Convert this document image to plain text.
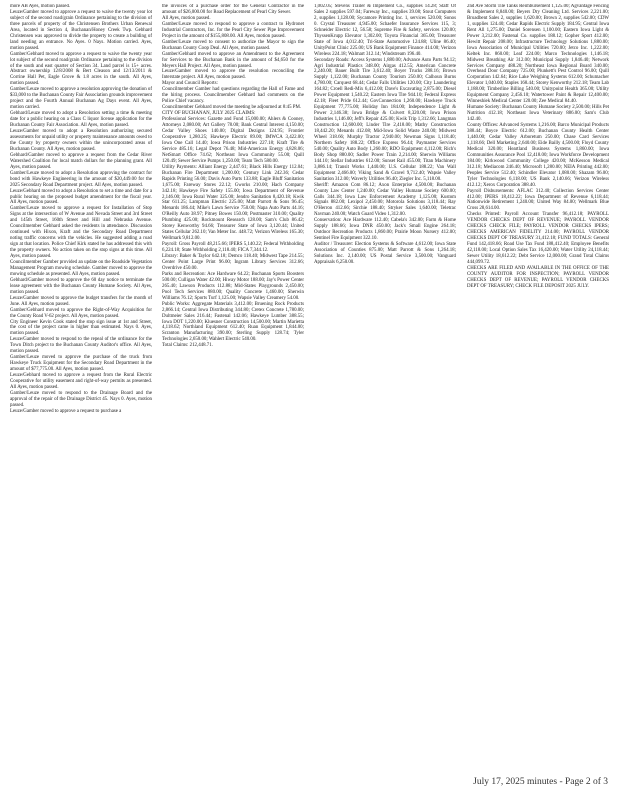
more AB Ayes, motion passed.

Leuze/Gamber moved to approve a request to waive the twenty year lot subject of the second road/grain Ordinance pertaining to the division of three parcels of property of the Christensen Brothers Urban Renewal Area, located in Section 4, Buchanan/Honey Creek Twp. Gebhard Christensen was approved to divide the property to create a building of land needing an entrance. No Ayes. 0 Nays. Motion carried. Ayes, motion passed.

Gamber/Gebhard moved to approve a request to waive the twenty year lot subject of the second road/grain Ordinance pertaining to the division of the south and east quarter of Section 34. Land parcel is 15+ acres. Abstract ownership 12/8/2008 & Bert Cleason and 12/13/2011 & Corrine Hall Pet, Eagle Grove & 1.8 acres in the south. All Ayes, motion passed.

Gamber/Leuze moved to approve a resolution approving the donation of $33,000 to the Buchanan County Fair Association grounds improvement project and the Fourth Annual Buchanan Ag Days event. All Ayes, motion carried.

Gebhard/Leuze moved to adopt a Resolution setting a time & meeting date for a public hearing on a Class C liquor license application for the Buchanan County Fair Association. All Ayes, motion passed.

Leuze/Gamber moved to adopt a Resolution authorizing secured assessments for unpaid utility or property maintenance amounts owed to the County by property owners within the unincorporated areas of Buchanan County. All Ayes, motion passed.

Gebhard/Gamber moved to approve a request from the Cedar River Watershed Coalition for local match dollars for the planning grant. All Ayes, motion passed.

Gamber/Leuze moved to adopt a Resolution approving the contract for bond with Hawkeye Engineering in the amount of $20,449.00 for the 2025 Secondary Road Department project. All Ayes, motion passed.

Leuze/Gebhard moved to adopt a Resolution to set a time and date for a public hearing on the proposed budget amendment for the fiscal year. All Ayes, motion passed.

Gamber/Leuze moved to approve a request for Installation of Stop Signs at the intersection of W Avenue and Nevada Street and 3rd Street and 145th Street, 160th Street and Hill and Nebraska Avenue. Councilmember Gebhard asked the residents in attendance. Discussion continued with Hixon, Kraft and the Secondary Road Department noting traffic concerns with the vehicles. He suggested adding a road sign at that location. Police Chief Kirk stated he has addressed this with the property owners. No action taken on the stop signs at this time. All Ayes, motion passed.

Councilmember Gamber provided an update on the Roadside Vegetation Management Program mowing schedule. Gamber moved to approve the mowing schedule as presented. All Ayes, motion passed.

Gebhard/Gamber moved to approve the 60 day notice to terminate the lease agreement with the Buchanan County Humane Society. All Ayes, motion passed.

Leuze/Gamber moved to approve the budget transfers for the month of June. All Ayes, motion passed.

Gamber/Gebhard moved to approve the Right-of-Way Acquisition for the County Road V-62 project. All Ayes, motion passed.

City Engineer Kevin Cook stated the stop sign issue at 1st and Street, the cost of the project came in higher than estimated. Nays 0. Ayes, motion passed.

Leuze/Gamber moved to respond to the repeal of the ordinance for the Town Ditch project to the Buchanan County Auditor's office. All Ayes, motion passed.

Gamber/Leuze moved to approve the purchase of the truck from Hawkeye Truck Equipment for the Secondary Road Department in the amount of $77,775.00. All Ayes, motion passed.

Leuze/Gebhard moved to approve a request from the Rural Electric Cooperative for utility easement and right-of-way permits as presented. All Ayes, motion passed.

Gamber/Leuze moved to respond to the Drainage Board and the approval of the repair of the Drainage District 45. Nays 0. Ayes, motion passed.

Leuze/Gamber moved to approve a request to purchase a

the invoices of a purchase order for the General Contractor in the amount of $26,000.00 for Road Replacement of Pearl City Sewer.

All Ayes, motion passed.

Gamber/Leuze moved to respond to approve a contract to Hydronet Industrial Contractors, Inc. for the Pearl City Sewer Pipe Improvement Project in the amount of $155,808.00. All Ayes, motion passed.

Gamber/Leuze moved to consent to authorize the Mayor to sign the Buchanan County Coop Deal. All Ayes, motion passed.

Gamber/Gebhard moved to approve an Amendment to the Agreement for Services to the Buchanan Bank in the amount of $4,650 for the Meyers Hall Project. All Ayes, motion passed.

Leuze/Gamber moved to approve the resolution reconciling the Interstate project. All Ayes, motion passed.

Mayor and Council Reports:

Councilmember Gamber had questions regarding the Hall of Fame and the hiring process. Councilmember Gebhard had comments on the Police Chief vacancy.

Councilmember Gebhard moved the meeting be adjourned at 8:45 PM.

CITY OF BUCHANAN, JULY 2025 CLAIMS:

Professional Services: Gazette and Fund 15,000.00; Ahlers & Cooney, Attorneys 2,080.00; Art Gallery 78.00; Bank Central Interest 4,150.00; Cedar Valley Shoes 140.00; Digital Dezigns 124.95; Frontier Cooperative 1,280.25; Hawkeye Electric 89.00; IMWCA 3,422.00; Iowa One Call 14.40; Iowa Prison Industries 227.18; Kraft Tire & Service 485.16; Legal Depot 76.48; Mid-American Energy 4,828.06; NetSmart Office 74.62; Northeast Iowa Community 55.00; Quill 120.49; Sewer Service Pumps 1,250.00; Team Tech 580.00.

Utility Payments: Alliant Energy 2,447.61; Black Hills Energy 112.04; Buchanan Fire Department 1,200.00; Century Link 242.36; Cedar Rapids Printing 56.00; Davis Auto Parts 133.88; Eagle Bluff Sanitation 1,675.00; Fareway Stores 22.12; Gworks 210.00; Hach Company 342.18; Hawkeye Fire Safety 155.00; Iowa Department of Revenue 2,146.00; Iowa Rural Water 325.00; Jendro Sanitation 8,420.18; Kwik Star 611.25; Lampman Electric 225.00; Matt Parrott & Sons 96.45; Menards 186.44; Mike's Lawn Service 750.00; Napa Auto Parts 44.16; O'Reilly Auto 38.97; Pitney Bowes 150.00; Postmaster 310.00; Quality Plumbing 425.00; Rockmount Research 128.00; Sam's Club 86.42; Storey Kenworthy 94.66; Treasurer State of Iowa 3,120.44; United States Cellular 262.10; Van Meter Inc. 448.72; Verizon Wireless 165.30; Wellmark 9,812.00.

Payroll: Gross Payroll 48,215.66; IPERS 5,140.22; Federal Withholding 6,224.18; State Withholding 2,118.40; FICA 7,344.12.

Library: Baker & Taylor 642.18; Demco 118.40; Midwest Tape 214.55; Center Point Large Print 96.00; Ingram Library Services 312.66; Overdrive 450.00.

Parks and Recreation: Ace Hardware 64.22; Buchanan Sports Boosters 500.00; Culligan Water 42.00; Hiway Motor 188.00; Jay's Power Center 265.40; Lawson Products 112.88; Mid-States Playgrounds 2,450.00; Pool Tech Services 880.00; Quality Concrete 1,460.00; Sherwin Williams 76.12; Sports Turf 1,125.00; Wapsie Valley Creamery 54.00.

Public Works: Aggregate Materials 3,412.00; Bruening Rock Products 2,866.14; Central Iowa Distributing 344.80; Cretex Concrete 1,780.00; Dultmeier Sales 216.44; Fastenal 142.06; Hawkeye Lumber 388.55; Iowa DOT 1,220.00; Kluesner Construction 14,500.00; Martin Marietta 4,118.62; Northland Equipment 612.40; Ruan Equipment 1,844.00; Scranton Manufacturing 390.00; Sterling Supply 128.74; Tyler Technologies 2,650.00; Wahlert Electric 540.00.

Total Claims: 212,448.71.

1,002.05; Stevens Trailer & Implement Co., supplies 14.28; Staff Of Sales 2 supplies 597.04; Fareway Inc., supplies 39.08; Stout Computers 2, supplies 1,128.00; Sycamore Printing Inc. 1, services 520.00; Sonos 0. Crystal Treasurer 4,945.00; Schaefer Insurance Services 115, 3; Schneider Electric 12, 56.58; Supreme Fire & Safety, services 120.00; ThyssenKrupp Elevator 1,302.00; Toyota Financial 365.00; Treasurer State of Iowa 4,012.40; Tri-State Automotive 124.88; Uline 86.40; UnityPoint Clinic 225.00; US Bank Equipment Finance 414.00; Verizon Wireless 224.18; Walmart 312.14; Windstream 196.40.

Secondary Roads: Access Systems 1,880.00; Advance Auto Parts 94.12; Agri Industrial Plastics 348.00; Airgas 412.55; American Concrete 2,240.00; Bauer Built Tire 3,612.40; Boyer Trucks 288.16; Brown Supply 1,122.00; Buchanan County Tourism 250.00; Calhoun Burns 4,780.00; Carquest 68.44; Cedar Falls Utilities 120.00; City Laundering 164.82; Croell Redi-Mix 6,412.00; Dave's Excavating 2,875.00; Diesel Power Equipment 1,540.22; Eastern Iowa Tire 944.10; Federal Express 42.18; Fleet Pride 612.44; GovConnection 1,260.00; Hawkeye Truck Equipment 77,775.00; Holiday Inn 184.00; Independence Light & Power 2,146.38; Iowa Bridge & Culvert 8,320.00; Iowa Prison Industries 1,146.00; Jeff's Repair 425.00; Kwik Trip 1,312.66; Langman Construction 12,600.00; Linder Tire 2,418.00; Mathy Construction 18,442.20; Menards 412.08; Mid-Iowa Solid Waste 240.00; Midwest Wheel 318.66; Murphy Tractor 2,940.00; Newman Signs 1,118.40; Northern Safety 188.22; Office Express 96.44; Paymaster Services 540.00; Quality Auto Body 1,260.00; RDO Equipment 4,112.00; Rich's Body Shop 880.00; Sadler Power Train 2,214.00; Sherwin Williams 144.10; Stellar Industries 612.00; Sunset Rail 455.00; Titan Machinery 3,886.14; Transit Works 1,440.00; U.S. Cellular 188.22; Van Wall Equipment 2,466.00; Viking Sand & Gravel 9,712.40; Wapsie Valley Sanitation 312.00; Waverly Utilities 96.40; Ziegler Inc. 5,118.00.

Sheriff: Amazon Com 86.12; Axon Enterprise 4,500.00; Buchanan County Law Center 1,240.00; Cedar Valley Humane Society 600.00; Galls 344.18; Iowa Law Enforcement Academy 1,125.00; Kustom Signals 882.00; Lexipol 2,450.00; Motorola Solutions 3,118.44; Ray O'Herron 412.66; Sirchie 188.40; Stryker Sales 1,640.00; Teletrac Navman 240.00; Watch Guard Video 1,312.00.

Conservation: Ace Hardware 112.40; Cabela's 342.00; Farm & Home Supply 188.66; Iowa DNR 450.00; Jack's Small Engine 264.18; Outdoor Recreation Products 1,860.00; Prairie Moon Nursery 412.00; Sentinel Fire Equipment 322.10.

Auditor / Treasurer: Election Systems & Software 4,612.00; Iowa State Association of Counties 875.00; Matt Parrott & Sons 1,264.18; Solutions Inc. 2,140.00; US Postal Service 3,500.00; Vanguard Appraisals 6,250.00.

2nd Ave Storm Tile Tanks Reimbursement 1,125.00; Agvantage Fencing & Implement 8,840.00; Beyers Dry Cleaning Ltd. Services 2,221.00; Broadbent Sales 2, supplies 1,620.00; Brown 2, supplies 542.00; CDW 1, supplies 124.40; Cedar Rapids Electric Supply 184.95; Central Iowa Rent All 1,275.00; Daniel Sorensen 1,100.00; Eastern Iowa Light & Power 3,212.00; Fastenal Co. supplies 188.12; Gopher Sport 412.00; Hewitt Repair 208.00; Infrastructure Technology Solutions 1,880.00; Iowa Association of Municipal Utilities 720.00; Jetco Inc. 1,222.00; Keltek Inc. 860.00; Leaf 224.00; Marco Technologies 1,146.18; Midwest Breathing Air 312.00; Municipal Supply 1,846.40; Network Services Company 488.20; Northeast Iowa Regional Board 340.00; Overhead Door Company 725.00; Plunkett's Pest Control 96.00; Quill Corporation 142.64; Rice Lake Weighing Systems 612.00; Schumacher Elevator 1,040.00; Staples 168.44; Storey Kenworthy 212.18; Team Lab 1,188.00; Timberline Billing 540.00; Unitypoint Health 365.00; Utility Equipment Company 2,456.10; Watertower Paint & Repair 12,400.00; Winneshiek Medical Center 120.00; Zee Medical 84.40.

Humane Society: Buchanan County Humane Society 2,500.00; Hills Pet Nutrition 412.18; Northeast Iowa Veterinary 886.00; Sam's Club 142.40.

County Offices: Advanced Systems 1,216.00; Barco Municipal Products 388.44; Boyce Electric 612.00; Buchanan County Health Center 1,440.00; Cedar Valley Arboretum 250.00; Chase Card Services 1,118.66; Dell Marketing 2,640.00; Eide Bailly 4,500.00; Floyd County Medical 320.00; Heartland Business Systems 1,860.00; Iowa Communities Assurance Pool 12,418.00; Iowa Workforce Development 184.00; Kirkwood Community College 420.00; McKesson Medical 312.18; Mediacom 246.40; Microsoft 1,280.00; NEIA Printing 442.00; Peoples Service 512.40; Schindler Elevator 1,080.00; Shazam 96.00; Tyler Technologies 6,118.00; US Bank 2,140.66; Verizon Wireless 412.12; Xerox Corporation 388.40.

Payroll Disbursements: AFLAC 312.40; Collection Services Center 412.00; IPERS 18,412.22; Iowa Department of Revenue 6,118.44; Nationwide Retirement 1,240.00; United Way 84.00; Wellmark Blue Cross 28,614.00.

Checks Printed: Payroll Account Transfer 96,412.18; PAYROLL VENDOR CHECKS DEPT OF REVENUE; PAYROLL VENDOR CHECKS CHECK FILE; PAYROLL VENDOR CHECKS IPERS; CHECKS AMERICAN FIDELITY 214.00; PAYROLL VENDOR CHECKS DEPT OF TREASURY 31,412.18; FUND TOTALS: General Fund 142,418.66; Road Use Tax Fund 188,412.40; Employee Benefits 42,118.00; Local Option Sales Tax 16,420.00; Water Utility 24,118.44; Sewer Utility 18,612.22; Debt Service 12,000.00; Grand Total Claims 444,099.72.

CHECKS ARE FILED AND AVAILABLE IN THE OFFICE OF THE COUNTY AUDITOR FOR INSPECTION; PAYROLL VENDOR CHECKS DEPT OF REVENUE; PAYROLL VENDOR CHECKS DEPT OF TREASURY; CHECK FILE DEPOSIT 2025 JULY.

July 17, 2025 minutes - Page 2 of 3
